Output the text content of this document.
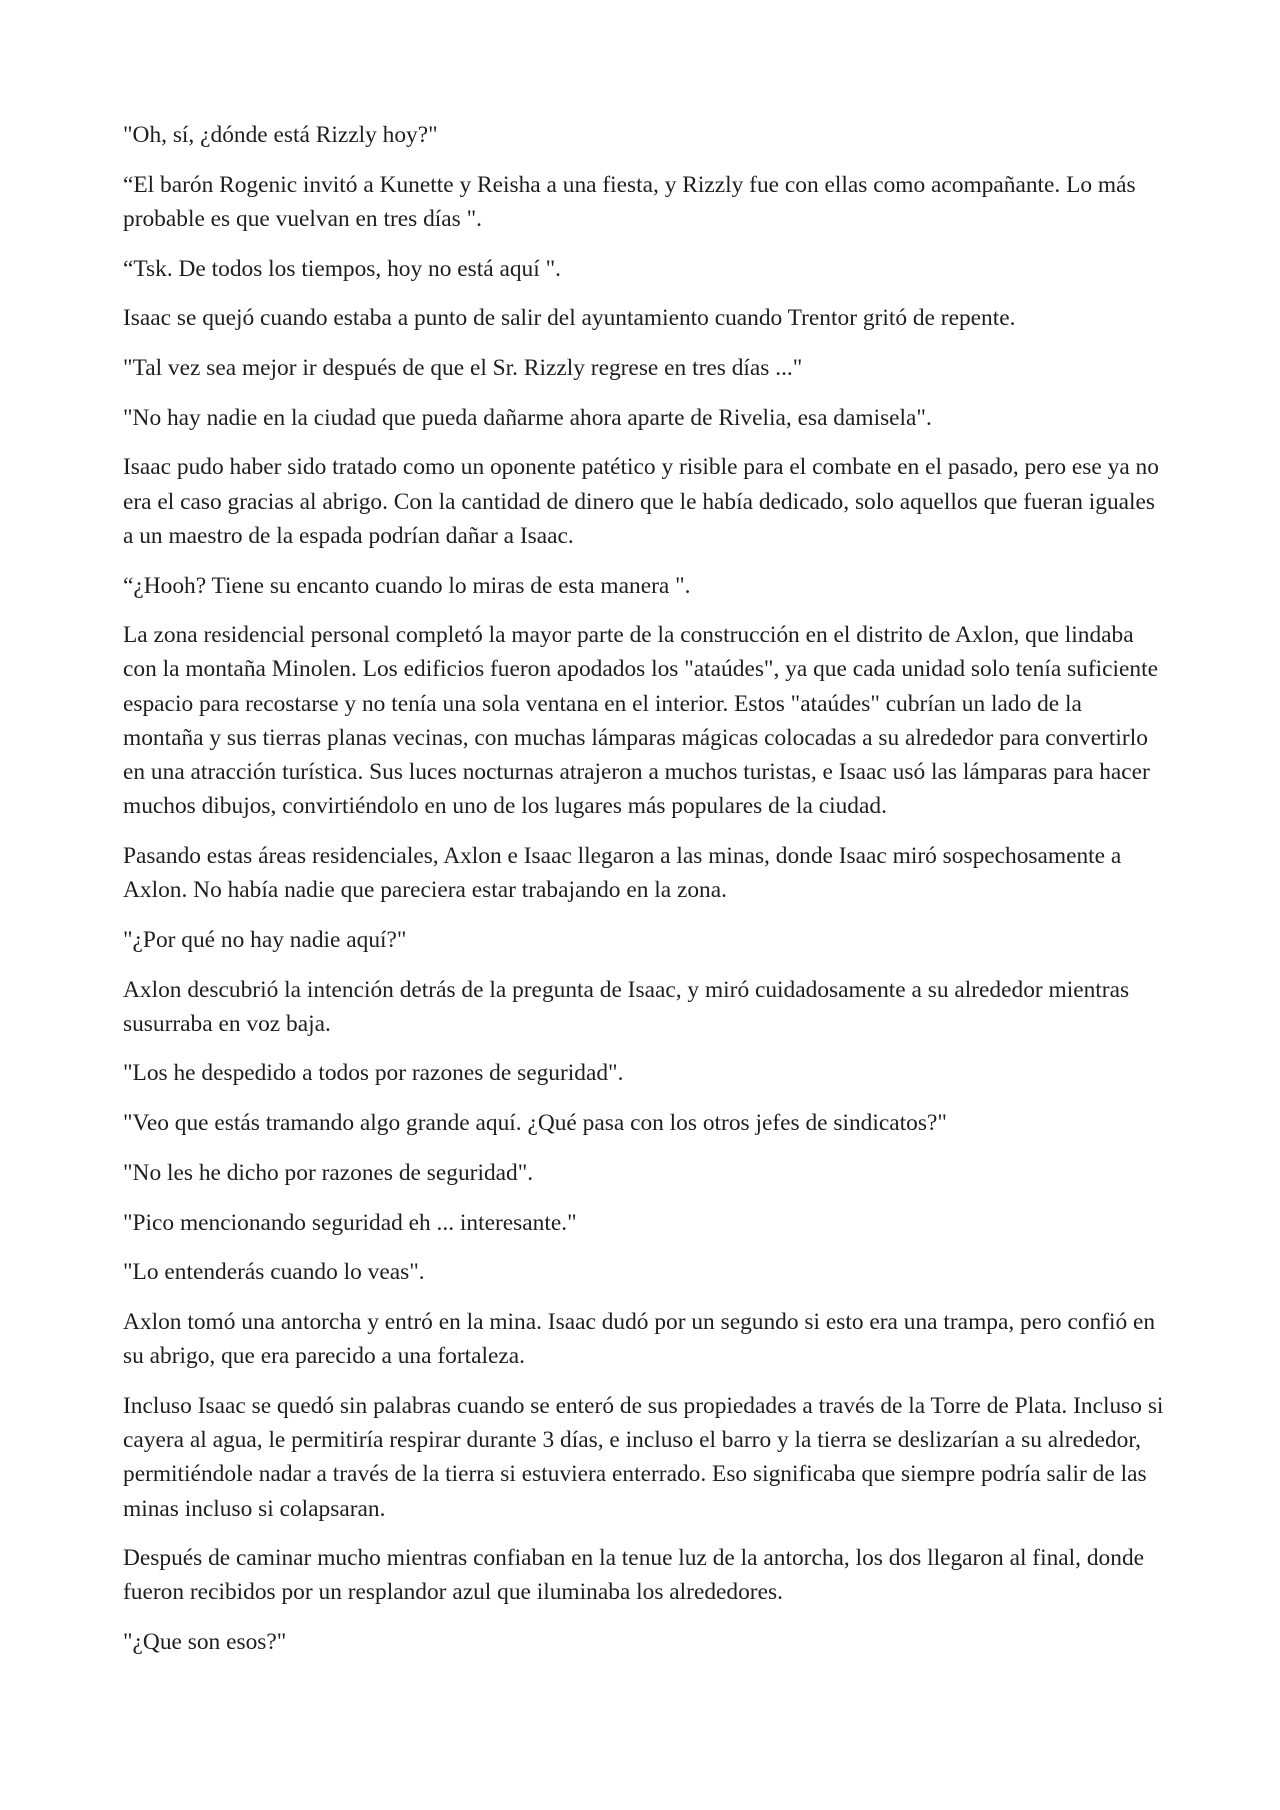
"Oh, sí, ¿dónde está Rizzly hoy?"

“El barón Rogenic invitó a Kunette y Reisha a una fiesta, y Rizzly fue con ellas como acompañante. Lo más probable es que vuelvan en tres días ".

“Tsk. De todos los tiempos, hoy no está aquí ".

Isaac se quejó cuando estaba a punto de salir del ayuntamiento cuando Trentor gritó de repente.

"Tal vez sea mejor ir después de que el Sr. Rizzly regrese en tres días ..."

"No hay nadie en la ciudad que pueda dañarme ahora aparte de Rivelia, esa damisela".

Isaac pudo haber sido tratado como un oponente patético y risible para el combate en el pasado, pero ese ya no era el caso gracias al abrigo. Con la cantidad de dinero que le había dedicado, solo aquellos que fueran iguales a un maestro de la espada podrían dañar a Isaac.

“¿Hooh? Tiene su encanto cuando lo miras de esta manera ".

La zona residencial personal completó la mayor parte de la construcción en el distrito de Axlon, que lindaba con la montaña Minolen. Los edificios fueron apodados los "ataúdes", ya que cada unidad solo tenía suficiente espacio para recostarse y no tenía una sola ventana en el interior. Estos "ataúdes" cubrían un lado de la montaña y sus tierras planas vecinas, con muchas lámparas mágicas colocadas a su alrededor para convertirlo en una atracción turística. Sus luces nocturnas atrajeron a muchos turistas, e Isaac usó las lámparas para hacer muchos dibujos, convirtiéndolo en uno de los lugares más populares de la ciudad.

Pasando estas áreas residenciales, Axlon e Isaac llegaron a las minas, donde Isaac miró sospechosamente a Axlon. No había nadie que pareciera estar trabajando en la zona.

"¿Por qué no hay nadie aquí?"

Axlon descubrió la intención detrás de la pregunta de Isaac, y miró cuidadosamente a su alrededor mientras susurraba en voz baja.

"Los he despedido a todos por razones de seguridad".

"Veo que estás tramando algo grande aquí. ¿Qué pasa con los otros jefes de sindicatos?"

"No les he dicho por razones de seguridad".

"Pico mencionando seguridad eh ... interesante."

"Lo entenderás cuando lo veas".

Axlon tomó una antorcha y entró en la mina. Isaac dudó por un segundo si esto era una trampa, pero confió en su abrigo, que era parecido a una fortaleza.

Incluso Isaac se quedó sin palabras cuando se enteró de sus propiedades a través de la Torre de Plata. Incluso si cayera al agua, le permitiría respirar durante 3 días, e incluso el barro y la tierra se deslizarían a su alrededor, permitiéndole nadar a través de la tierra si estuviera enterrado. Eso significaba que siempre podría salir de las minas incluso si colapsaran.

Después de caminar mucho mientras confiaban en la tenue luz de la antorcha, los dos llegaron al final, donde fueron recibidos por un resplandor azul que iluminaba los alrededores.

"¿Que son esos?"
